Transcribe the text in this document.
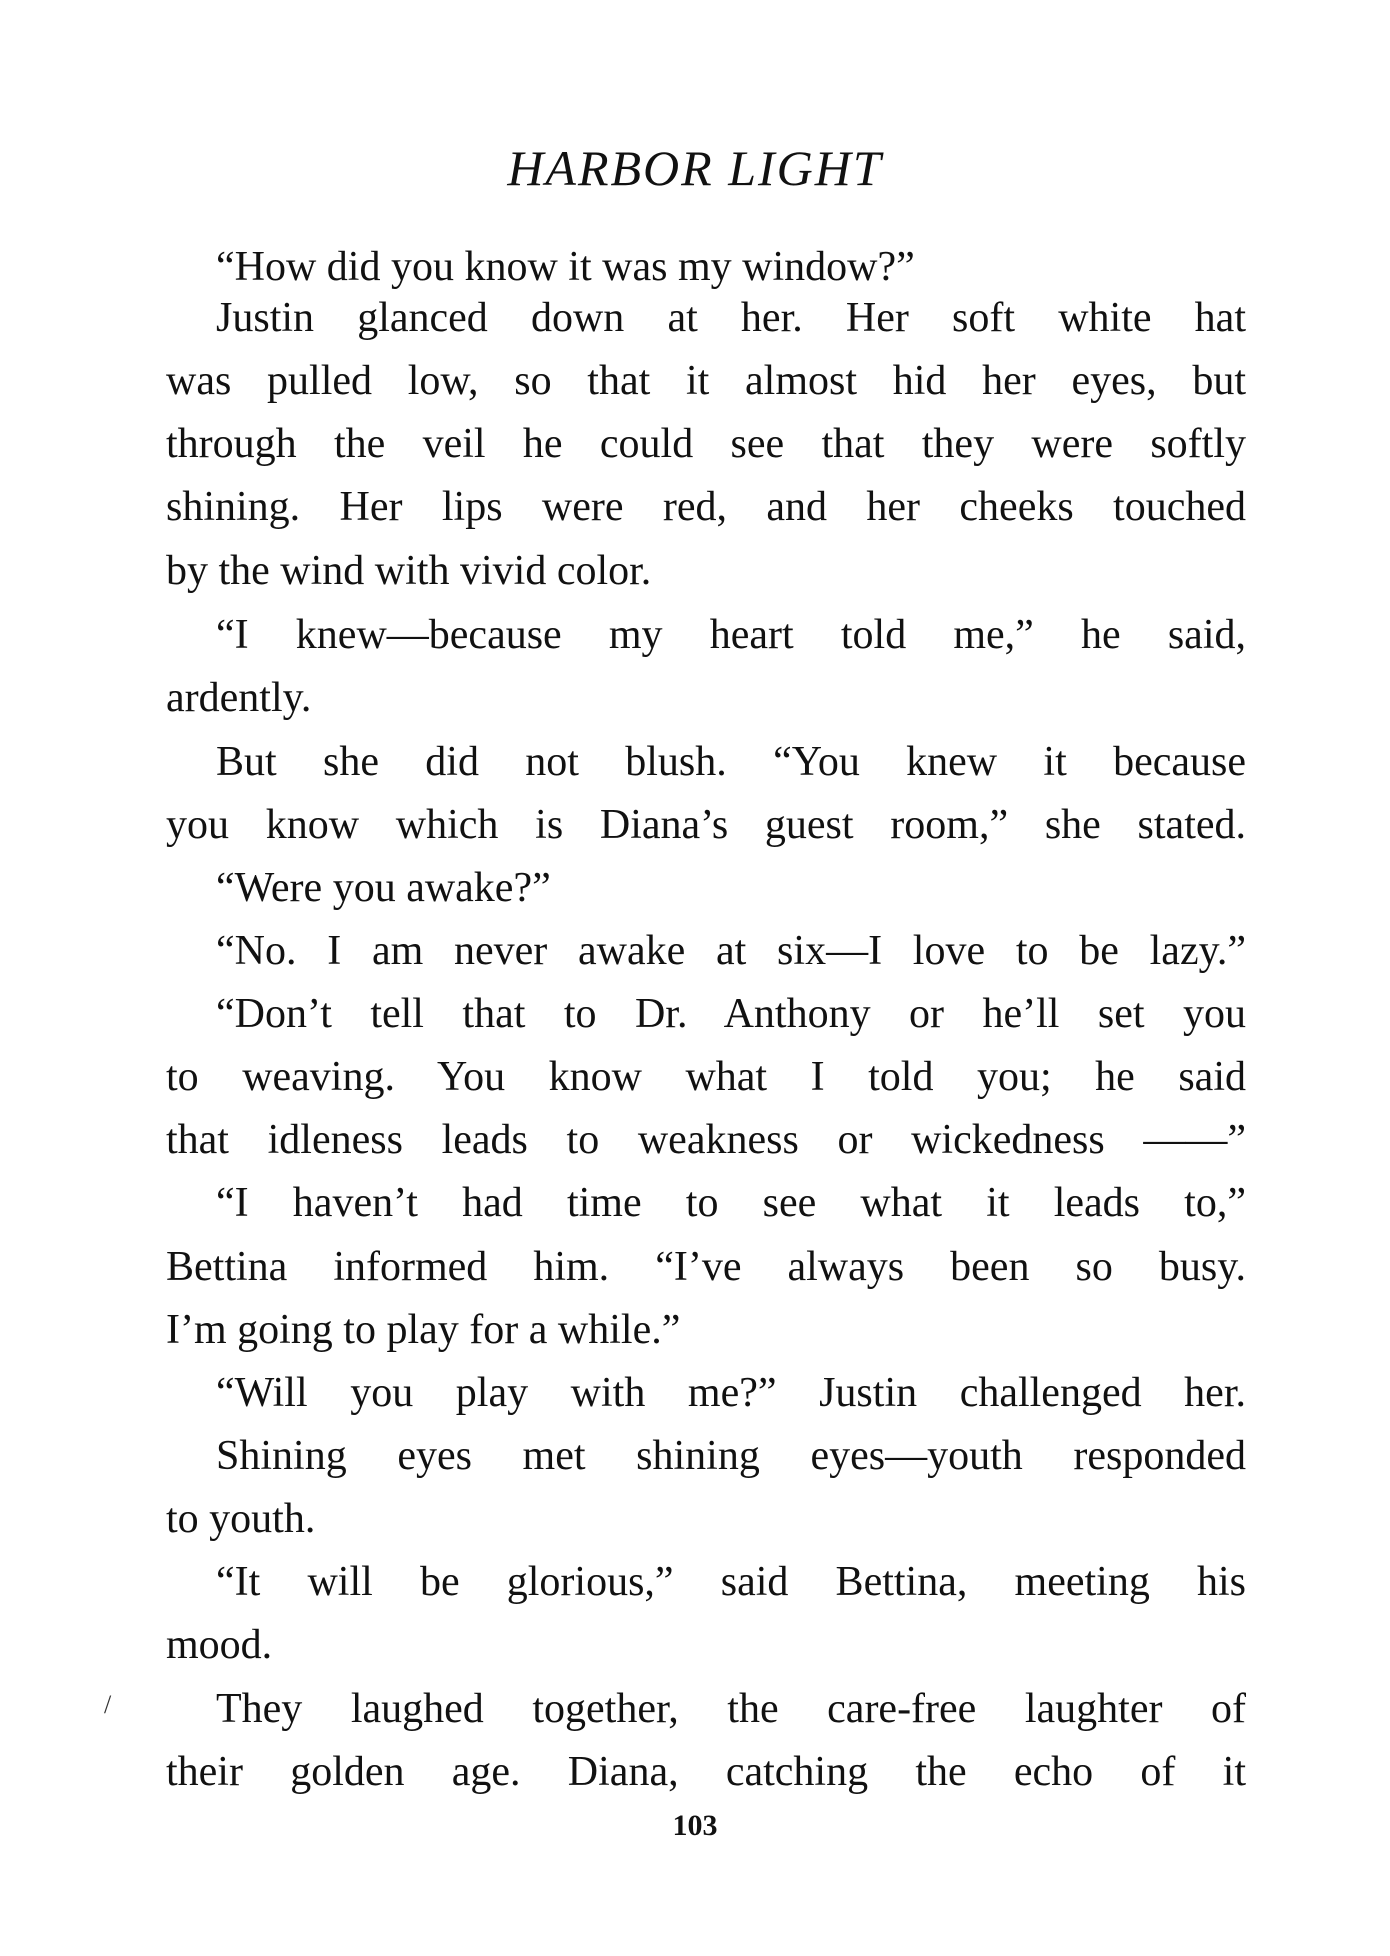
HARBOR LIGHT
“How did you know it was my window?”
Justin glanced down at her. Her soft white hat
was pulled low, so that it almost hid her eyes, but
through the veil he could see that they were softly
shining. Her lips were red, and her cheeks touched
by the wind with vivid color.
“I knew—because my heart told me,” he said,
ardently.
But she did not blush. “You knew it because
you know which is Diana’s guest room,” she stated.
“Were you awake?”
“No. I am never awake at six—I love to be lazy.”
“Don’t tell that to Dr. Anthony or he’ll set you
to weaving. You know what I told you; he said
that idleness leads to weakness or wickedness ——”
“I haven’t had time to see what it leads to,”
Bettina informed him. “I’ve always been so busy.
I’m going to play for a while.”
“Will you play with me?” Justin challenged her.
Shining eyes met shining eyes—youth responded
to youth.
“It will be glorious,” said Bettina, meeting his
mood.
They laughed together, the care-free laughter of
their golden age. Diana, catching the echo of it
/
103
